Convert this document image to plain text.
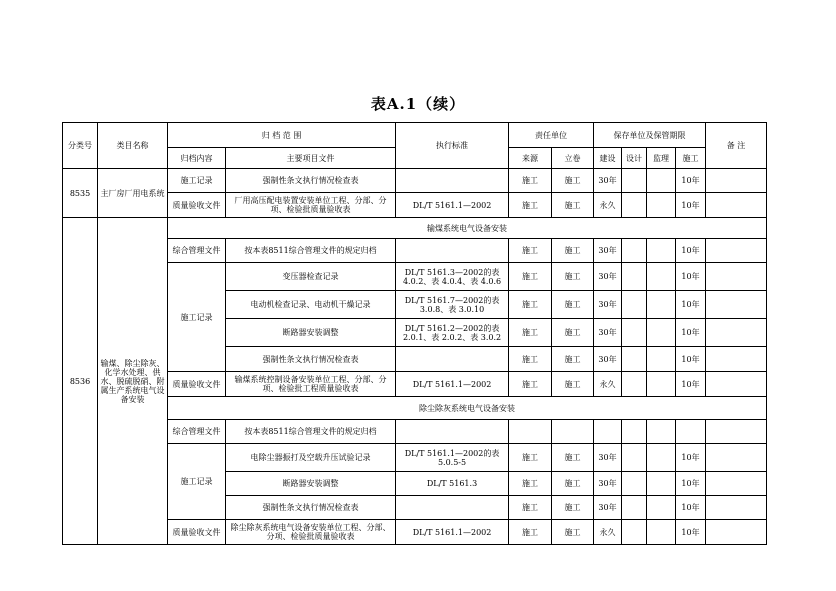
表A.1（续）
分类号	类目名称	归 档 范 围		执行标准	责任单位		保存单位及保管期限				备 注
		归档内容	主要项目文件		来源	立卷	建设	设计	监理	施工	
8535	主厂房厂用电系统	施工记录	强制性条文执行情况检查表		施工	施工	30年			10年	
		质量验收文件	厂用高压配电装置安装单位工程、分部、分项、检验批质量验收表	DL/T 5161.1—2002	施工	施工	永久			10年	
8536	输煤、除尘除灰、化学水处理、供水、脱硫脱硝、附属生产系统电气设备安装	输煤系统电气设备安装									
		综合管理文件	按本表8511综合管理文件的规定归档		施工	施工	30年			10年	
		施工记录	变压器检查记录	DL/T 5161.3—2002的表 4.0.2、表 4.0.4、表 4.0.6	施工	施工	30年			10年	
			电动机检查记录、电动机干燥记录	DL/T 5161.7—2002的表 3.0.8、表 3.0.10	施工	施工	30年			10年	
			断路器安装调整	DL/T 5161.2—2002的表 2.0.1、表 2.0.2、表 3.0.2	施工	施工	30年			10年	
			强制性条文执行情况检查表		施工	施工	30年			10年	
		质量验收文件	输煤系统控制设备安装单位工程、分部、分项、检验批工程质量验收表	DL/T 5161.1—2002	施工	施工	永久			10年	
		除尘除灰系统电气设备安装									
		综合管理文件	按本表8511综合管理文件的规定归档								
		施工记录	电除尘器振打及空载升压试验记录	DL/T 5161.1—2002的表 5.0.5-5	施工	施工	30年			10年	
			断路器安装调整	DL/T 5161.3	施工	施工	30年			10年	
			强制性条文执行情况检查表		施工	施工	30年			10年	
		质量验收文件	除尘除灰系统电气设备安装单位工程、分部、分项、检验批质量验收表	DL/T 5161.1—2002	施工	施工	永久			10年	
